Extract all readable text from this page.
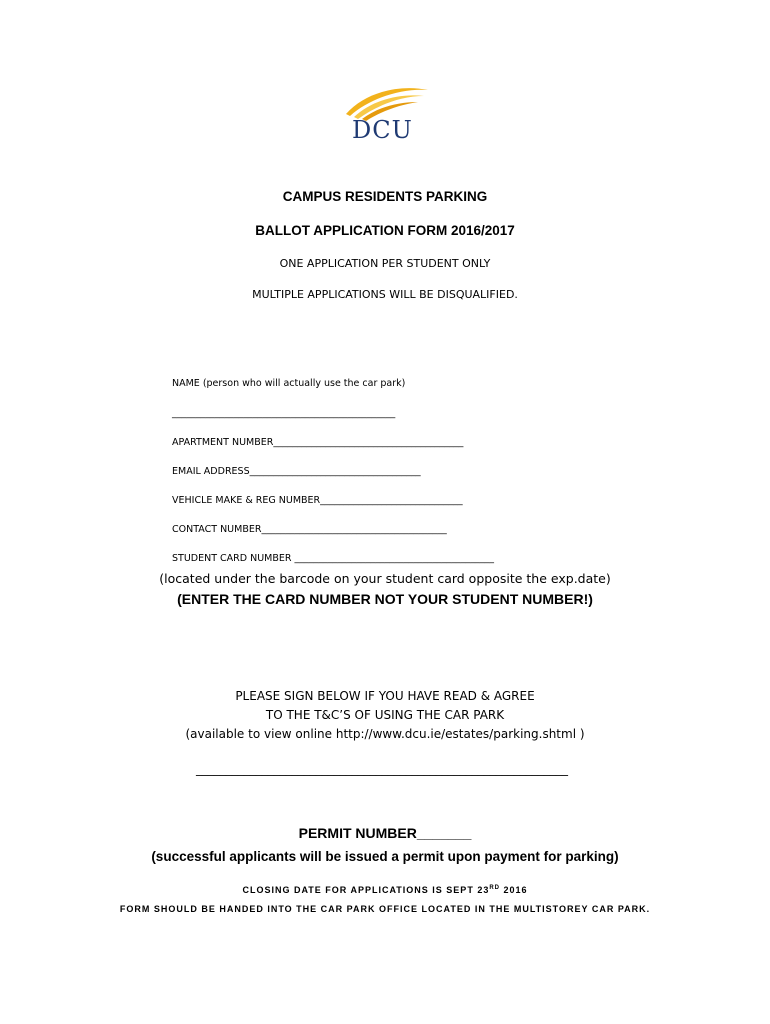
DCU
CAMPUS RESIDENTS PARKING
BALLOT APPLICATION FORM 2016/2017
ONE APPLICATION PER STUDENT ONLY
MULTIPLE APPLICATIONS WILL BE DISQUALIFIED.
NAME (person who will actually use the car park)
_______________________________________________
APARTMENT NUMBER________________________________________
EMAIL ADDRESS____________________________________
VEHICLE MAKE & REG NUMBER______________________________
CONTACT NUMBER_______________________________________
STUDENT CARD NUMBER __________________________________________
(located under the barcode on your student card opposite the exp.date)
(ENTER THE CARD NUMBER NOT YOUR STUDENT NUMBER!)
PLEASE SIGN BELOW IF YOU HAVE READ & AGREE
TO THE T&C’S OF USING THE CAR PARK
(available to view online http://www.dcu.ie/estates/parking.shtml )
______________________________________________________________
PERMIT NUMBER_______
(successful applicants will be issued a permit upon payment for parking)
CLOSING DATE FOR APPLICATIONS IS SEPT 23RD 2016
FORM SHOULD BE HANDED INTO THE CAR PARK OFFICE LOCATED IN THE MULTISTOREY CAR PARK.
